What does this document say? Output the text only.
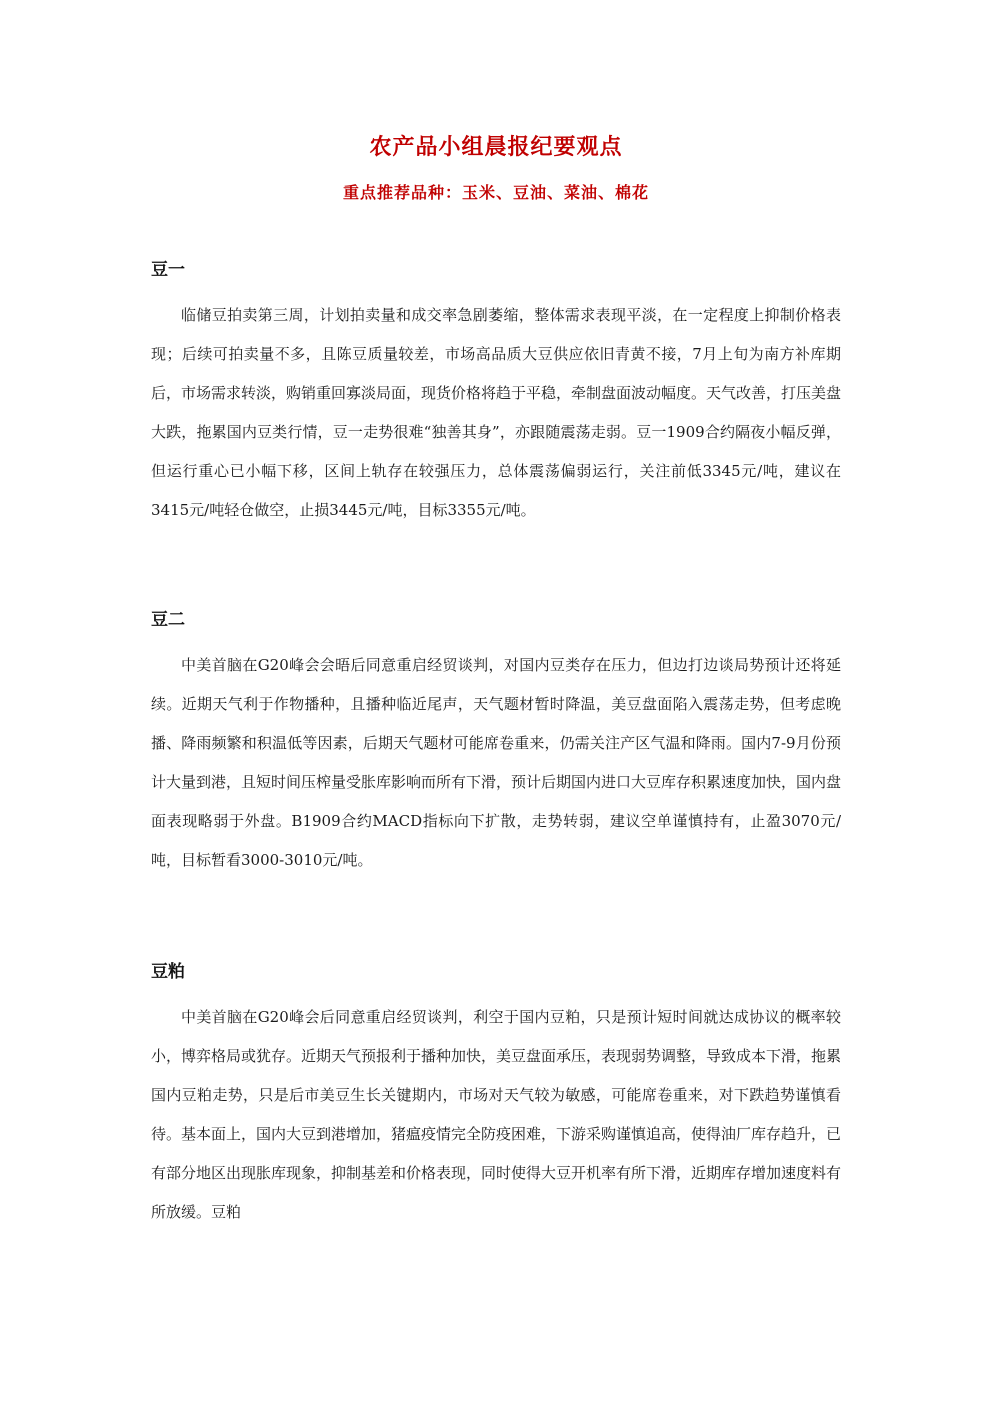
农产品小组晨报纪要观点
重点推荐品种：玉米、豆油、菜油、棉花
豆一

临储豆拍卖第三周，计划拍卖量和成交率急剧萎缩，整体需求表现平淡，在一定程度上抑制价格表现；后续可拍卖量不多，且陈豆质量较差，市场高品质大豆供应依旧青黄不接，7月上旬为南方补库期后，市场需求转淡，购销重回寡淡局面，现货价格将趋于平稳，牵制盘面波动幅度。天气改善，打压美盘大跌，拖累国内豆类行情，豆一走势很难“独善其身”，亦跟随震荡走弱。豆一1909合约隔夜小幅反弹，但运行重心已小幅下移，区间上轨存在较强压力，总体震荡偏弱运行，关注前低3345元/吨，建议在3415元/吨轻仓做空，止损3445元/吨，目标3355元/吨。

豆二

中美首脑在G20峰会会晤后同意重启经贸谈判，对国内豆类存在压力，但边打边谈局势预计还将延续。近期天气利于作物播种，且播种临近尾声，天气题材暂时降温，美豆盘面陷入震荡走势，但考虑晚播、降雨频繁和积温低等因素，后期天气题材可能席卷重来，仍需关注产区气温和降雨。国内7-9月份预计大量到港，且短时间压榨量受胀库影响而所有下滑，预计后期国内进口大豆库存积累速度加快，国内盘面表现略弱于外盘。B1909合约MACD指标向下扩散，走势转弱，建议空单谨慎持有，止盈3070元/吨，目标暂看3000-3010元/吨。

豆粕

中美首脑在G20峰会后同意重启经贸谈判，利空于国内豆粕，只是预计短时间就达成协议的概率较小，博弈格局或犹存。近期天气预报利于播种加快，美豆盘面承压，表现弱势调整，导致成本下滑，拖累国内豆粕走势，只是后市美豆生长关键期内，市场对天气较为敏感，可能席卷重来，对下跌趋势谨慎看待。基本面上，国内大豆到港增加，猪瘟疫情完全防疫困难，下游采购谨慎追高，使得油厂库存趋升，已有部分地区出现胀库现象，抑制基差和价格表现，同时使得大豆开机率有所下滑，近期库存增加速度料有所放缓。豆粕
